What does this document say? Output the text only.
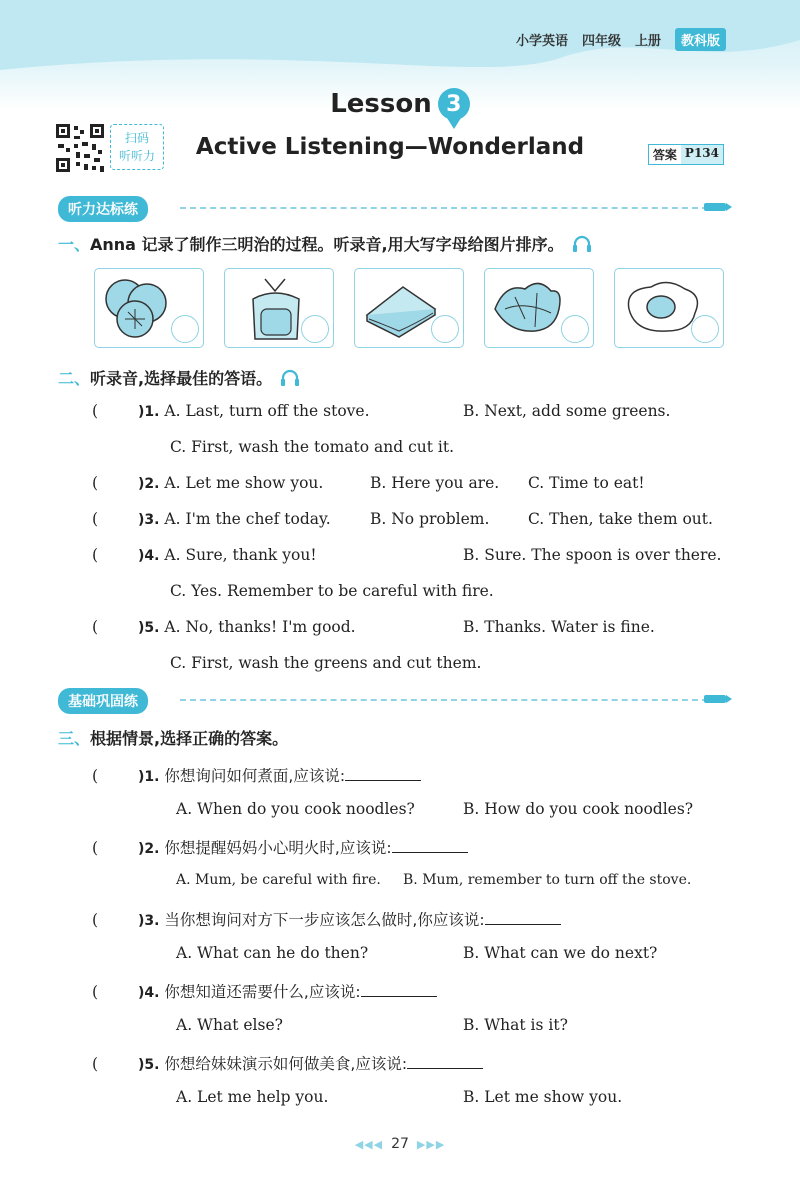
小学英语 四年级 上册	教科版
Lesson 3
Active Listening—Wonderland
扫码
听听力	答案 P134
听力达标练
一、 Anna 记录了制作三明治的过程。听录音,用大写字母给图片排序。
二、 听录音,选择最佳的答语。
(	)1. A. Last, turn off the stove.	B. Next, add some greens.
C. First, wash the tomato and cut it.
(	)2. A. Let me show you.	B. Here you are. C. Time to eat!
(	)3. A. I'm the chef today.	B. No problem. C. Then, take them out.
(	)4. A. Sure, thank you!	B. Sure. The spoon is over there.
C. Yes. Remember to be careful with fire.
(	)5. A. No, thanks! I'm good.	B. Thanks. Water is fine.
C. First, wash the greens and cut them.
基础巩固练
三、 根据情景,选择正确的答案。
(	)1. 你想询问如何煮面,应该说:
A. When do you cook noodles?	B. How do you cook noodles?
(	)2. 你想提醒妈妈小心明火时,应该说:
A. Mum, be careful with fire. B. Mum, remember to turn off the stove.
(	)3. 当你想询问对方下一步应该怎么做时,你应该说:
A. What can he do then?	B. What can we do next?
(	)4. 你想知道还需要什么,应该说:
A. What else?	B. What is it?
(	)5. 你想给妹妹演示如何做美食,应该说:
A. Let me help you.	B. Let me show you.
◀◀◀ 27 ▶▶▶
